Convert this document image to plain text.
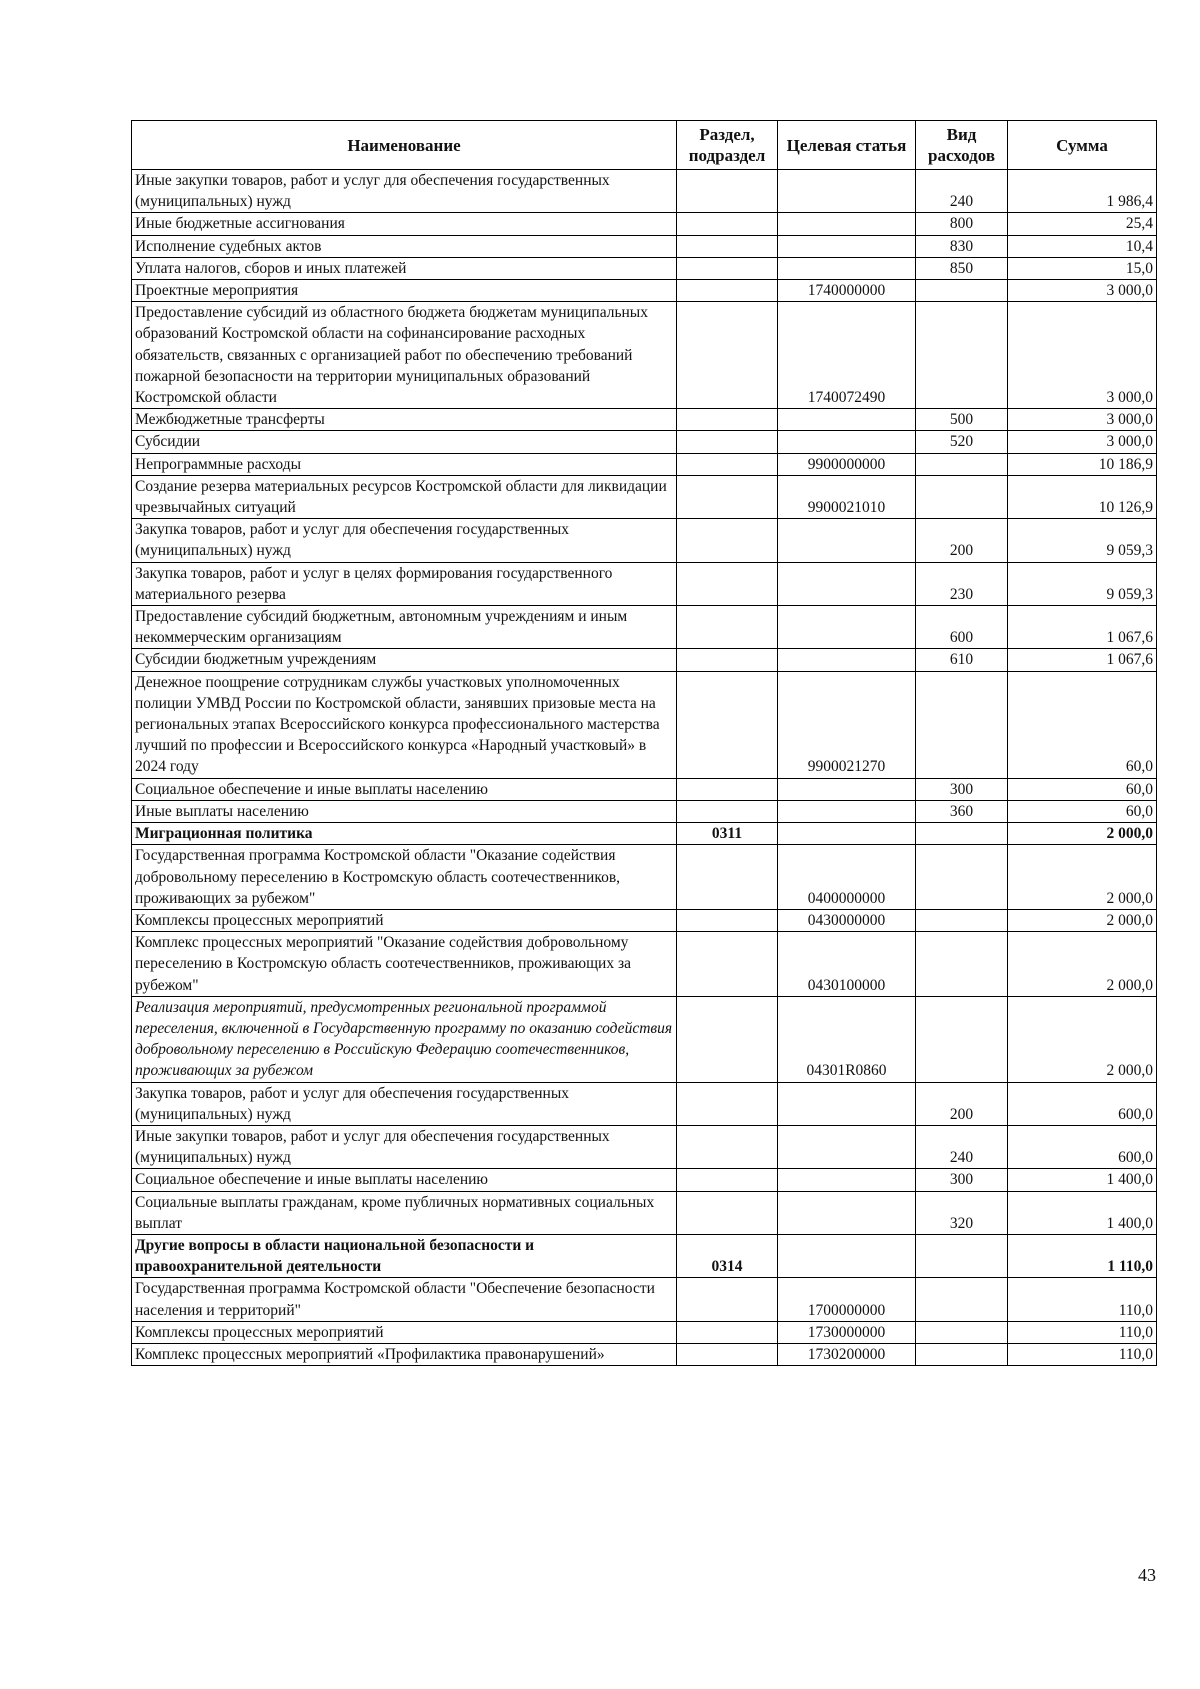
Наименование	Раздел, подраздел	Целевая статья	Вид расходов	Сумма
Иные закупки товаров, работ и услуг для обеспечения государственных (муниципальных) нужд			240	1 986,4
Иные бюджетные ассигнования			800	25,4
Исполнение судебных актов			830	10,4
Уплата налогов, сборов и иных платежей			850	15,0
Проектные мероприятия		1740000000		3 000,0
Предоставление субсидий из областного бюджета бюджетам муниципальных образований Костромской области на софинансирование расходных обязательств, связанных с организацией работ по обеспечению требований пожарной безопасности на территории муниципальных образований Костромской области		1740072490		3 000,0
Межбюджетные трансферты			500	3 000,0
Субсидии			520	3 000,0
Непрограммные расходы		9900000000		10 186,9
Создание резерва материальных ресурсов Костромской области для ликвидации чрезвычайных ситуаций		9900021010		10 126,9
Закупка товаров, работ и услуг для обеспечения государственных (муниципальных) нужд			200	9 059,3
Закупка товаров, работ и услуг в целях формирования государственного материального резерва			230	9 059,3
Предоставление субсидий бюджетным, автономным учреждениям и иным некоммерческим организациям			600	1 067,6
Субсидии бюджетным учреждениям			610	1 067,6
Денежное поощрение сотрудникам службы участковых уполномоченных полиции УМВД России по Костромской области, занявших призовые места на региональных этапах Всероссийского конкурса профессионального мастерства лучший по профессии и Всероссийского конкурса «Народный участковый» в 2024 году		9900021270		60,0
Социальное обеспечение и иные выплаты населению			300	60,0
Иные выплаты населению			360	60,0
Миграционная политика	0311			2 000,0
Государственная программа Костромской области "Оказание содействия добровольному переселению в Костромскую область соотечественников, проживающих за рубежом"		0400000000		2 000,0
Комплексы процессных мероприятий		0430000000		2 000,0
Комплекс процессных мероприятий "Оказание содействия добровольному переселению в Костромскую область соотечественников, проживающих за рубежом"		0430100000		2 000,0
Реализация мероприятий, предусмотренных региональной программой переселения, включенной в Государственную программу по оказанию содействия добровольному переселению в Российскую Федерацию соотечественников, проживающих за рубежом		04301R0860		2 000,0
Закупка товаров, работ и услуг для обеспечения государственных (муниципальных) нужд			200	600,0
Иные закупки товаров, работ и услуг для обеспечения государственных (муниципальных) нужд			240	600,0
Социальное обеспечение и иные выплаты населению			300	1 400,0
Социальные выплаты гражданам, кроме публичных нормативных социальных выплат			320	1 400,0
Другие вопросы в области национальной безопасности и правоохранительной деятельности	0314			1 110,0
Государственная программа Костромской области "Обеспечение безопасности населения и территорий"		1700000000		110,0
Комплексы процессных мероприятий		1730000000		110,0
Комплекс процессных мероприятий «Профилактика правонарушений»		1730200000		110,0
43
